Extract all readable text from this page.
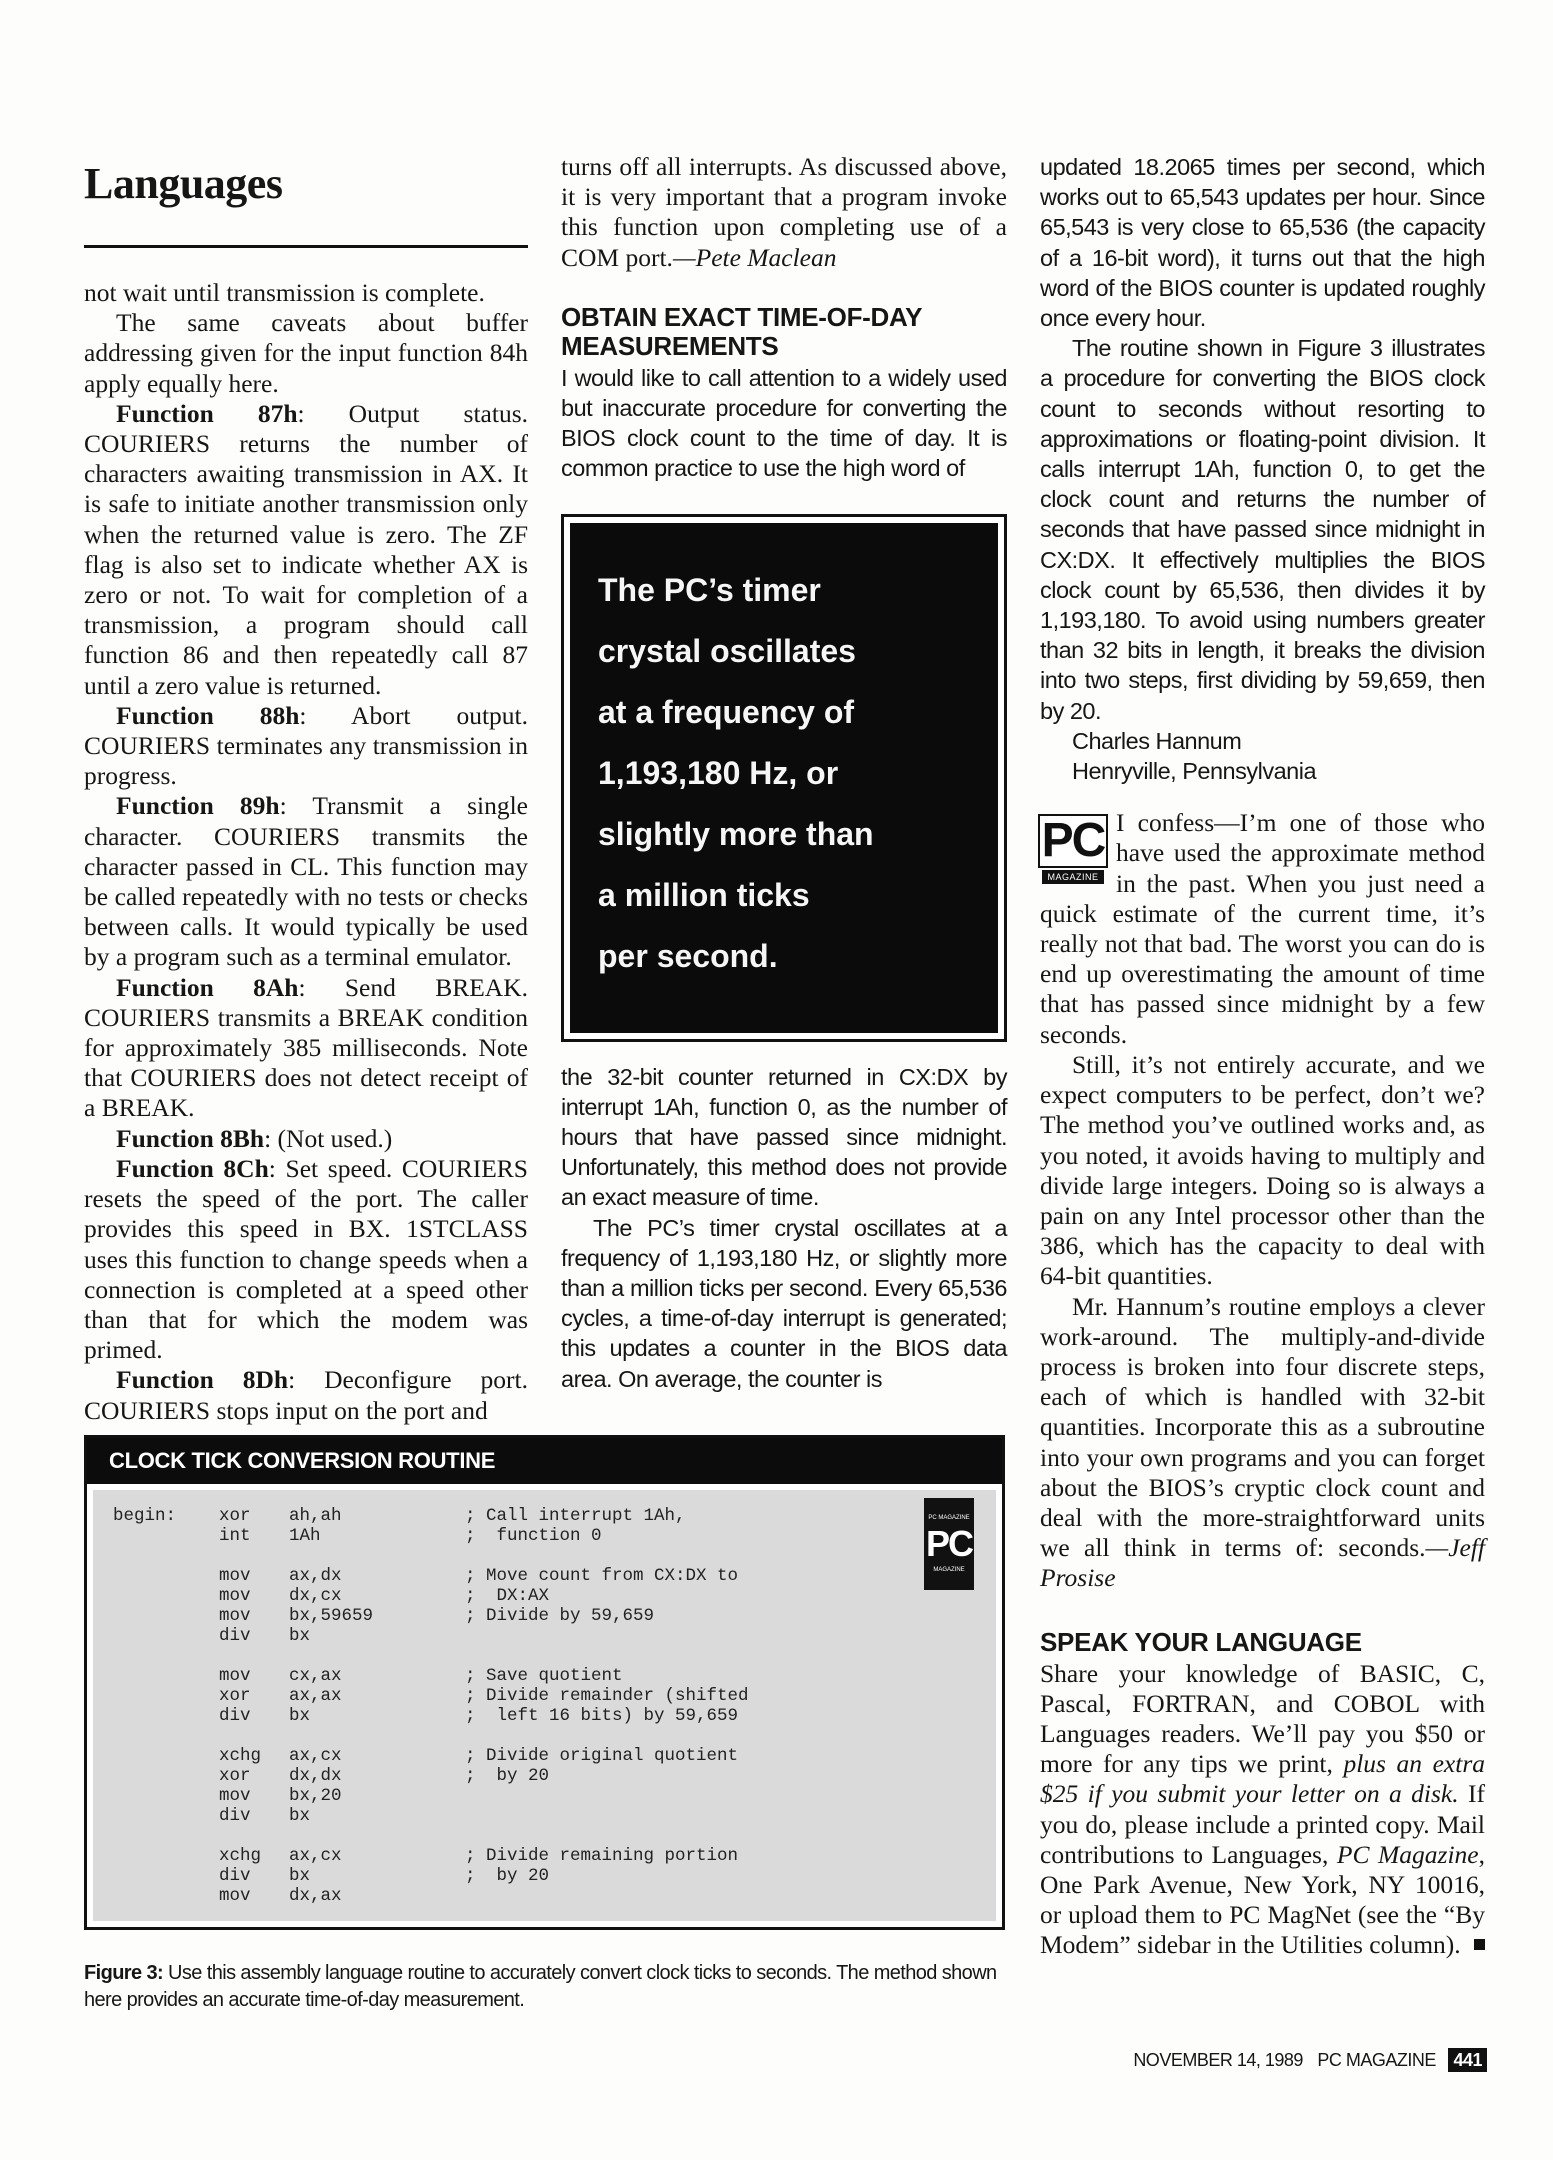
Languages

not wait until transmission is complete.

The same caveats about buffer addressing given for the input function 84h apply equally here.

Function 87h: Output status. COURIERS returns the number of characters awaiting transmission in AX. It is safe to initiate another transmission only when the returned value is zero. The ZF flag is also set to indicate whether AX is zero or not. To wait for completion of a transmission, a program should call function 86 and then repeatedly call 87 until a zero value is returned.

Function 88h: Abort output. COURIERS terminates any transmission in progress.

Function 89h: Transmit a single character. COURIERS transmits the character passed in CL. This function may be called repeatedly with no tests or checks between calls. It would typically be used by a program such as a terminal emulator.

Function 8Ah: Send BREAK. COURIERS transmits a BREAK condition for approximately 385 milliseconds. Note that COURIERS does not detect receipt of a BREAK.

Function 8Bh: (Not used.)

Function 8Ch: Set speed. COURIERS resets the speed of the port. The caller provides this speed in BX. 1STCLASS uses this function to change speeds when a connection is completed at a speed other than that for which the modem was primed.

Function 8Dh: Deconfigure port. COURIERS stops input on the port and

turns off all interrupts. As discussed above, it is very important that a program invoke this function upon completing use of a COM port.—Pete Maclean

OBTAIN EXACT TIME-OF-DAY MEASUREMENTS

I would like to call attention to a widely used but inaccurate procedure for converting the BIOS clock count to the time of day. It is common practice to use the high word of

The PC’s timer
crystal oscillates
at a frequency of
1,193,180 Hz, or
slightly more than
a million ticks
per second.

the 32-bit counter returned in CX:DX by interrupt 1Ah, function 0, as the number of hours that have passed since midnight. Unfortunately, this method does not provide an exact measure of time.

The PC’s timer crystal oscillates at a frequency of 1,193,180 Hz, or slightly more than a million ticks per second. Every 65,536 cycles, a time-of-day interrupt is generated; this updates a counter in the BIOS data area. On average, the counter is

updated 18.2065 times per second, which works out to 65,543 updates per hour. Since 65,543 is very close to 65,536 (the capacity of a 16-bit word), it turns out that the high word of the BIOS counter is updated roughly once every hour.

The routine shown in Figure 3 illustrates a procedure for converting the BIOS clock count to seconds without resorting to approximations or floating-point division. It calls interrupt 1Ah, function 0, to get the clock count and returns the number of seconds that have passed since midnight in CX:DX. It effectively multiplies the BIOS clock count by 65,536, then divides it by 1,193,180. To avoid using numbers greater than 32 bits in length, it breaks the division into two steps, first dividing by 59,659, then by 20.

Charles Hannum

Henryville, Pennsylvania

PC
MAGAZINE
I confess—I’m one of those who have used the approximate method in the past. When you just need a quick estimate of the current time, it’s really not that bad. The worst you can do is end up overestimating the amount of time that has passed since midnight by a few seconds.

Still, it’s not entirely accurate, and we expect computers to be perfect, don’t we? The method you’ve outlined works and, as you noted, it avoids having to multiply and divide large integers. Doing so is always a pain on any Intel processor other than the 386, which has the capacity to deal with 64-bit quantities.

Mr. Hannum’s routine employs a clever work-around. The multiply-and-divide process is broken into four discrete steps, each of which is handled with 32-bit quantities. Incorporate this as a subroutine into your own programs and you can forget about the BIOS’s cryptic clock count and deal with the more-straightforward units we all think in terms of: seconds.—Jeff Prosise

SPEAK YOUR LANGUAGE

Share your knowledge of BASIC, C, Pascal, FORTRAN, and COBOL with Languages readers. We’ll pay you $50 or more for any tips we print, plus an extra $25 if you submit your letter on a disk. If you do, please include a printed copy. Mail contributions to Languages, PC Magazine, One Park Avenue, New York, NY 10016, or upload them to PC MagNet (see the “By Modem” sidebar in the Utilities column).

CLOCK TICK CONVERSION ROUTINE
begin: xor ah,ah	; Call interrupt 1Ah,
int 1Ah	;  function 0
mov ax,dx	; Move count from CX:DX to
mov dx,cx	;  DX:AX
mov bx,59659	; Divide by 59,659
div bx
mov cx,ax	; Save quotient
xor ax,ax	; Divide remainder (shifted
div bx	;  left 16 bits) by 59,659
xchg ax,cx	; Divide original quotient
xor dx,dx	;  by 20
mov bx,20
div bx
xchg ax,cx	; Divide remaining portion
div bx	;  by 20
mov dx,ax
PC MAGAZINE
PC
MAGAZINE
Figure 3: Use this assembly language routine to accurately convert clock ticks to seconds. The method shown here provides an accurate time-of-day measurement.
NOVEMBER 14, 1989 PC MAGAZINE 441
